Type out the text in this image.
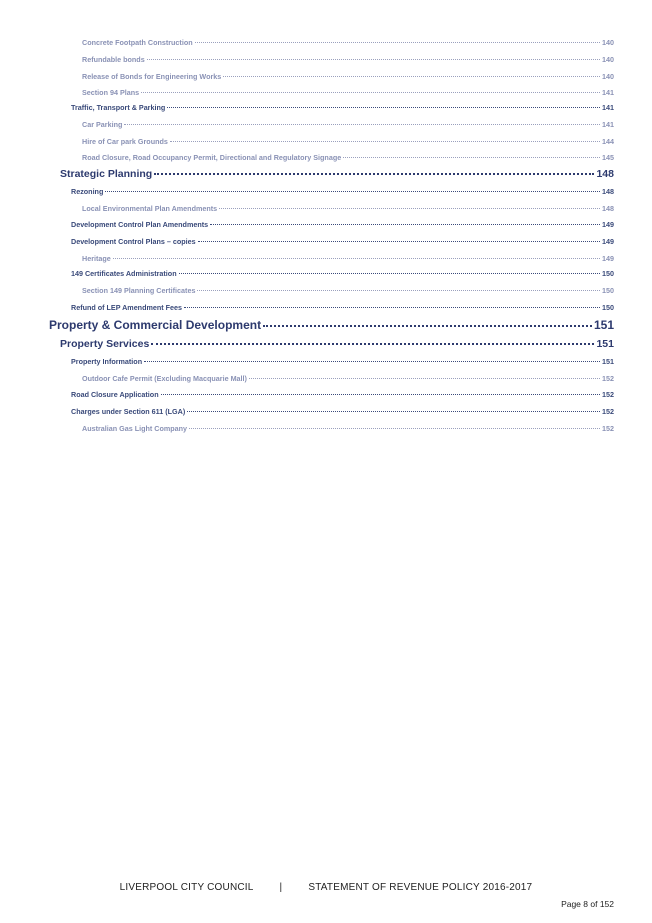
Concrete Footpath Construction	140
Refundable bonds	140
Release of Bonds for Engineering Works	140
Section 94 Plans	141
Traffic, Transport & Parking	141
Car Parking	141
Hire of Car park Grounds	144
Road Closure, Road Occupancy Permit, Directional and Regulatory Signage	145
Strategic Planning	148
Rezoning	148
Local Environmental Plan Amendments	148
Development Control Plan Amendments	149
Development Control Plans – copies	149
Heritage	149
149 Certificates Administration	150
Section 149 Planning Certificates	150
Refund of LEP Amendment Fees	150
Property & Commercial Development	151
Property Services	151
Property Information	151
Outdoor Cafe Permit (Excluding Macquarie Mall)	152
Road Closure Application	152
Charges under Section 611 (LGA)	152
Australian Gas Light Company	152
LIVERPOOL CITY COUNCIL	|	STATEMENT OF REVENUE POLICY 2016-2017
Page 8 of 152
